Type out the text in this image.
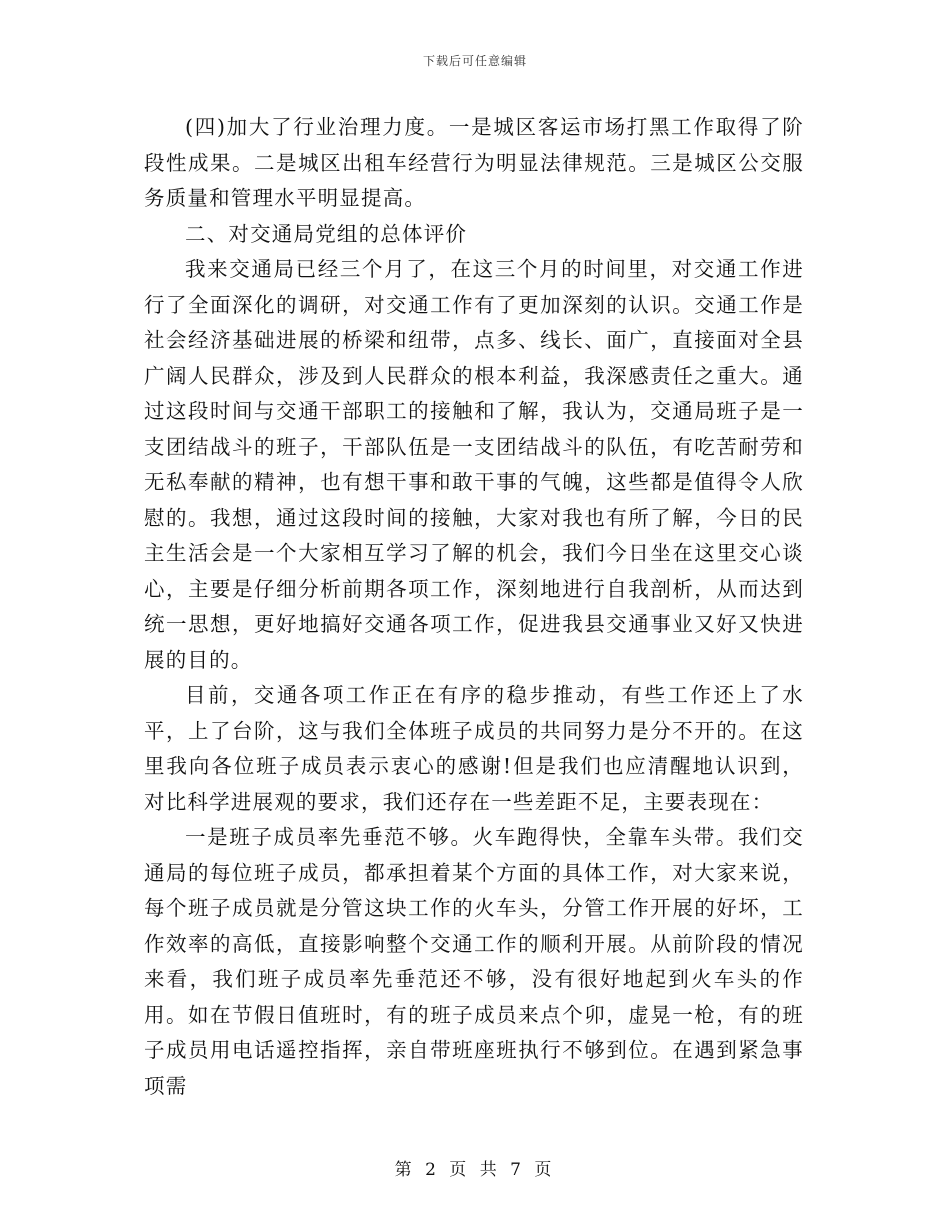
下载后可任意编辑

(四)加大了行业治理力度。一是城区客运市场打黑工作取得了阶段性成果。二是城区出租车经营行为明显法律规范。三是城区公交服务质量和管理水平明显提高。

二、对交通局党组的总体评价

我来交通局已经三个月了，在这三个月的时间里，对交通工作进行了全面深化的调研，对交通工作有了更加深刻的认识。交通工作是社会经济基础进展的桥梁和纽带，点多、线长、面广，直接面对全县广阔人民群众，涉及到人民群众的根本利益，我深感责任之重大。通过这段时间与交通干部职工的接触和了解，我认为，交通局班子是一支团结战斗的班子，干部队伍是一支团结战斗的队伍，有吃苦耐劳和无私奉献的精神，也有想干事和敢干事的气魄，这些都是值得令人欣慰的。我想，通过这段时间的接触，大家对我也有所了解，今日的民主生活会是一个大家相互学习了解的机会，我们今日坐在这里交心谈心，主要是仔细分析前期各项工作，深刻地进行自我剖析，从而达到统一思想，更好地搞好交通各项工作，促进我县交通事业又好又快进展的目的。

目前，交通各项工作正在有序的稳步推动，有些工作还上了水平，上了台阶，这与我们全体班子成员的共同努力是分不开的。在这里我向各位班子成员表示衷心的感谢!但是我们也应清醒地认识到，对比科学进展观的要求，我们还存在一些差距不足，主要表现在：

一是班子成员率先垂范不够。火车跑得快，全靠车头带。我们交通局的每位班子成员，都承担着某个方面的具体工作，对大家来说，每个班子成员就是分管这块工作的火车头，分管工作开展的好坏，工作效率的高低，直接影响整个交通工作的顺利开展。从前阶段的情况来看，我们班子成员率先垂范还不够，没有很好地起到火车头的作用。如在节假日值班时，有的班子成员来点个卯，虚晃一枪，有的班子成员用电话遥控指挥，亲自带班座班执行不够到位。在遇到紧急事项需

第 2 页 共 7 页
